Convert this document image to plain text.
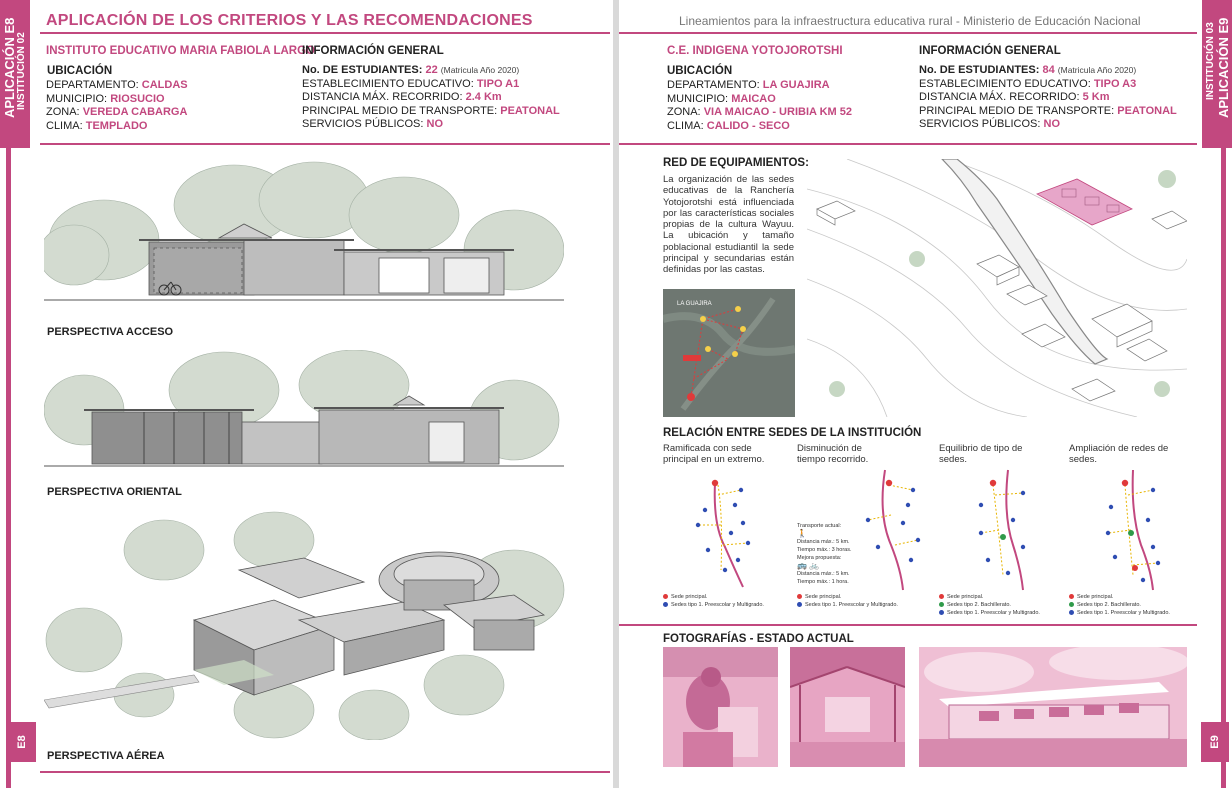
APLICACIÓN E8 INSTITUCIÓN 02
E8
APLICACIÓN DE LOS CRITERIOS Y LAS RECOMENDACIONES
INSTITUTO EDUCATIVO MARIA FABIOLA LARGO
UBICACIÓN
DEPARTAMENTO: CALDAS
MUNICIPIO: RIOSUCIO
ZONA: VEREDA CABARGA
CLIMA: TEMPLADO
INFORMACIÓN GENERAL
No. DE ESTUDIANTES: 22 (Matricula Año 2020)
ESTABLECIMIENTO EDUCATIVO: TIPO A1
DISTANCIA MÁX. RECORRIDO: 2.4 Km
PRINCIPAL MEDIO DE TRANSPORTE: PEATONAL
SERVICIOS PÚBLICOS: NO
PERSPECTIVA ACCESO
PERSPECTIVA ORIENTAL
PERSPECTIVA AÉREA
Lineamientos para la infraestructura educativa rural - Ministerio de Educación Nacional
INSTITUCIÓN 03 APLICACIÓN E9
E9
C.E. INDIGENA YOTOJOROTSHI
UBICACIÓN
DEPARTAMENTO: LA GUAJIRA
MUNICIPIO: MAICAO
ZONA: VIA MAICAO - URIBIA KM 52
CLIMA: CALIDO - SECO
INFORMACIÓN GENERAL
No. DE ESTUDIANTES: 84 (Matricula Año 2020)
ESTABLECIMIENTO EDUCATIVO: TIPO A3
DISTANCIA MÁX. RECORRIDO: 5 Km
PRINCIPAL MEDIO DE TRANSPORTE: PEATONAL
SERVICIOS PÚBLICOS: NO
RED DE EQUIPAMIENTOS:
La organización de las sedes educativas de la Ranchería Yotojorotshi está influenciada por las características sociales propias de la cultura Wayuu. La ubicación y tamaño poblacional estudiantil la sede principal y secundarias están definidas por las castas.
LA GUAJIRA
RELACIÓN ENTRE SEDES DE LA INSTITUCIÓN
Ramificada con sede principal en un extremo.
Disminución de tiempo recorrido.
Equilibrio de tipo de sedes.
Ampliación de redes de sedes.
Transporte actual:
🚶
Distancia máx.: 5 km.
Tiempo máx.: 3 horas.
Mejora propuesta:
🚌 🚲
Distancia máx.: 5 km.
Tiempo máx.: 1 hora.
Sede principal.
Sedes tipo 1. Preescolar y Multigrado.
Sede principal.
Sedes tipo 1. Preescolar y Multigrado.
Sede principal.
Sedes tipo 2. Bachillerato.
Sedes tipo 1. Preescolar y Multigrado.
Sede principal.
Sedes tipo 2. Bachillerato.
Sedes tipo 1. Preescolar y Multigrado.
FOTOGRAFÍAS - ESTADO ACTUAL
